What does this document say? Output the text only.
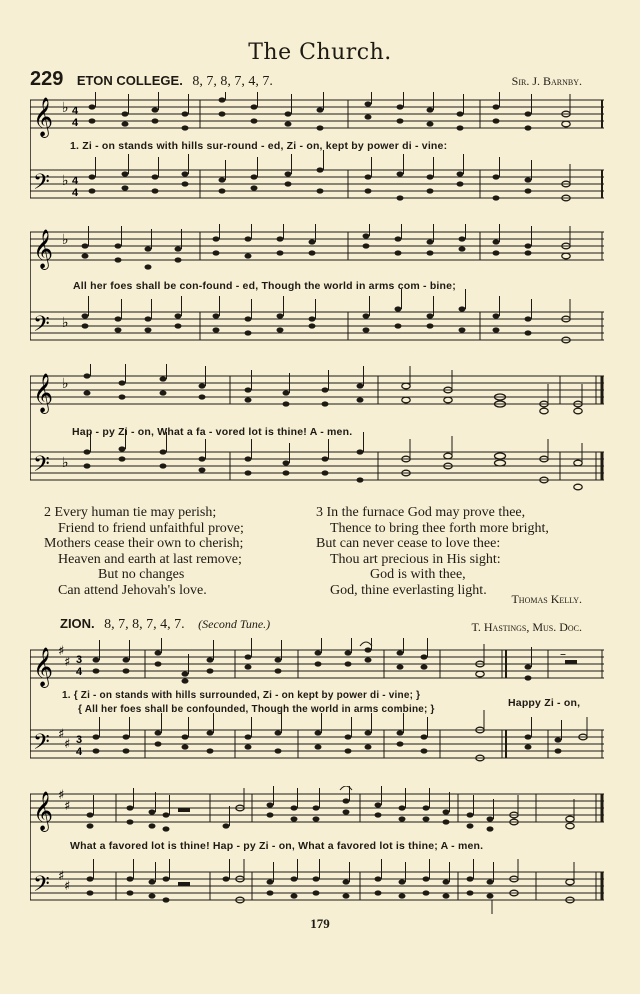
The Church.
229 ETON COLLEGE. 8, 7, 8, 7, 4, 7.	Sir. J. Barnby.
𝄞
𝄢
♭
♭
4
4
4
4
1. Zi - on stands with hills sur-round - ed, Zi - on, kept by power di - vine:
𝄞
𝄢
♭
♭
All her foes shall be con-found - ed, Though the world in arms com - bine;
𝄞
𝄢
♭
♭
Hap - py Zi - on, What a fa - vored lot is thine! A - men.
2 Every human tie may perish;
Friend to friend unfaithful prove;
Mothers cease their own to cherish;
Heaven and earth at last remove;
But no changes
Can attend Jehovah's love.
3 In the furnace God may prove thee,
Thence to bring thee forth more bright,
But can never cease to love thee:
Thou art precious in His sight:
God is with thee,
God, thine everlasting light.
Thomas Kelly.
ZION. 8, 7, 8, 7, 4, 7. (Second Tune.)	T. Hastings, Mus. Doc.
𝄞
𝄢
♯
♯
♯
♯
3
4
3
4
–
1. { Zi - on stands with hills surrounded, Zi - on kept by power di - vine; }
{ All her foes shall be confounded, Though the world in arms combine; }
Happy Zi - on,
𝄞
𝄢
♯
♯
♯
♯
What a favored lot is thine! Hap - py Zi - on, What a favored lot is thine; A - men.
179
